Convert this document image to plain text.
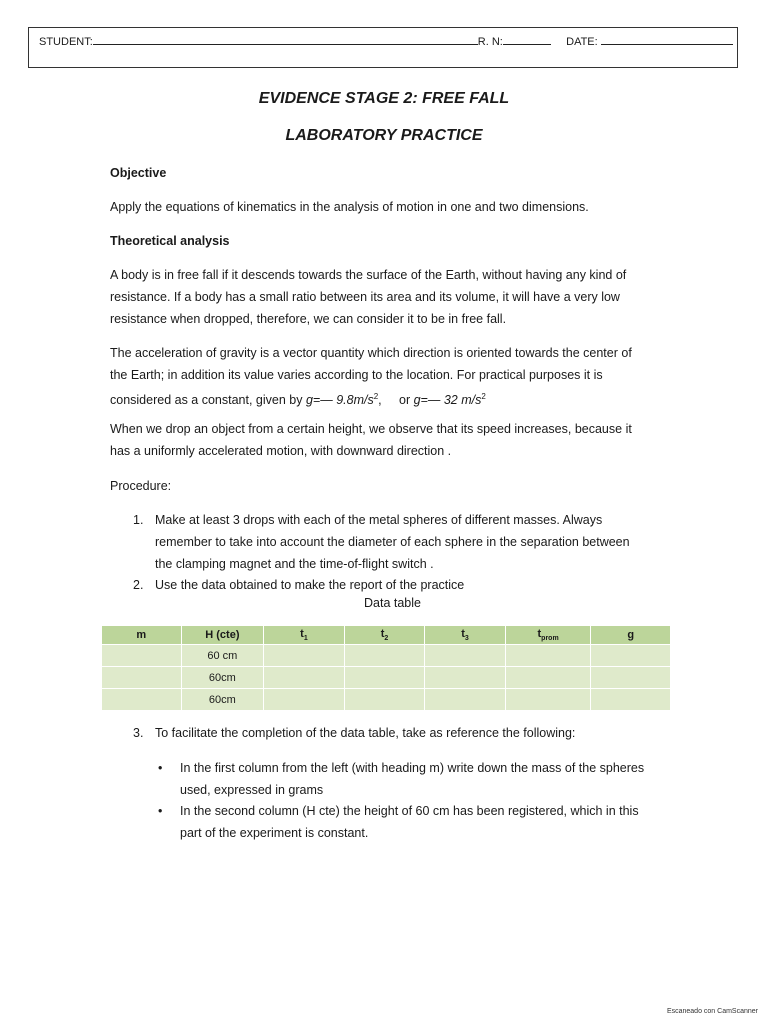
STUDENT:	R. N:	DATE:
EVIDENCE STAGE 2: FREE FALL
LABORATORY PRACTICE

Objective

Apply the equations of kinematics in the analysis of motion in one and two dimensions.

Theoretical analysis

A body is in free fall if it descends towards the surface of the Earth, without having any kind of resistance. If a body has a small ratio between its area and its volume, it will have a very low resistance when dropped, therefore, we can consider it to be in free fall.

The acceleration of gravity is a vector quantity which direction is oriented towards the center of the Earth; in addition its value varies according to the location. For practical purposes it is considered as a constant, given by g=— $9.8m/s^2$,     or g=— 32 $m/s^2$

When we drop an object from a certain height, we observe that its speed increases, because it has a uniformly accelerated motion, with downward direction .

Procedure:

1. Make at least 3 drops with each of the metal spheres of different masses. Always remember to take into account the diameter of each sphere in the separation between the clamping magnet and the time-of-flight switch .
2. Use the data obtained to make the report of the practice
Data table
m	H (cte)	$t_1$	$t_2$	$t_3$	$t_{prom}$	g
	60 cm					
	60cm					
	60cm					
3. To facilitate the completion of the data table, take as reference the following:
• In the first column from the left (with heading m) write down the mass of the spheres used, expressed in grams
• In the second column (H cte) the height of 60 cm has been registered, which in this part of the experiment is constant.
Escaneado con CamScanner
